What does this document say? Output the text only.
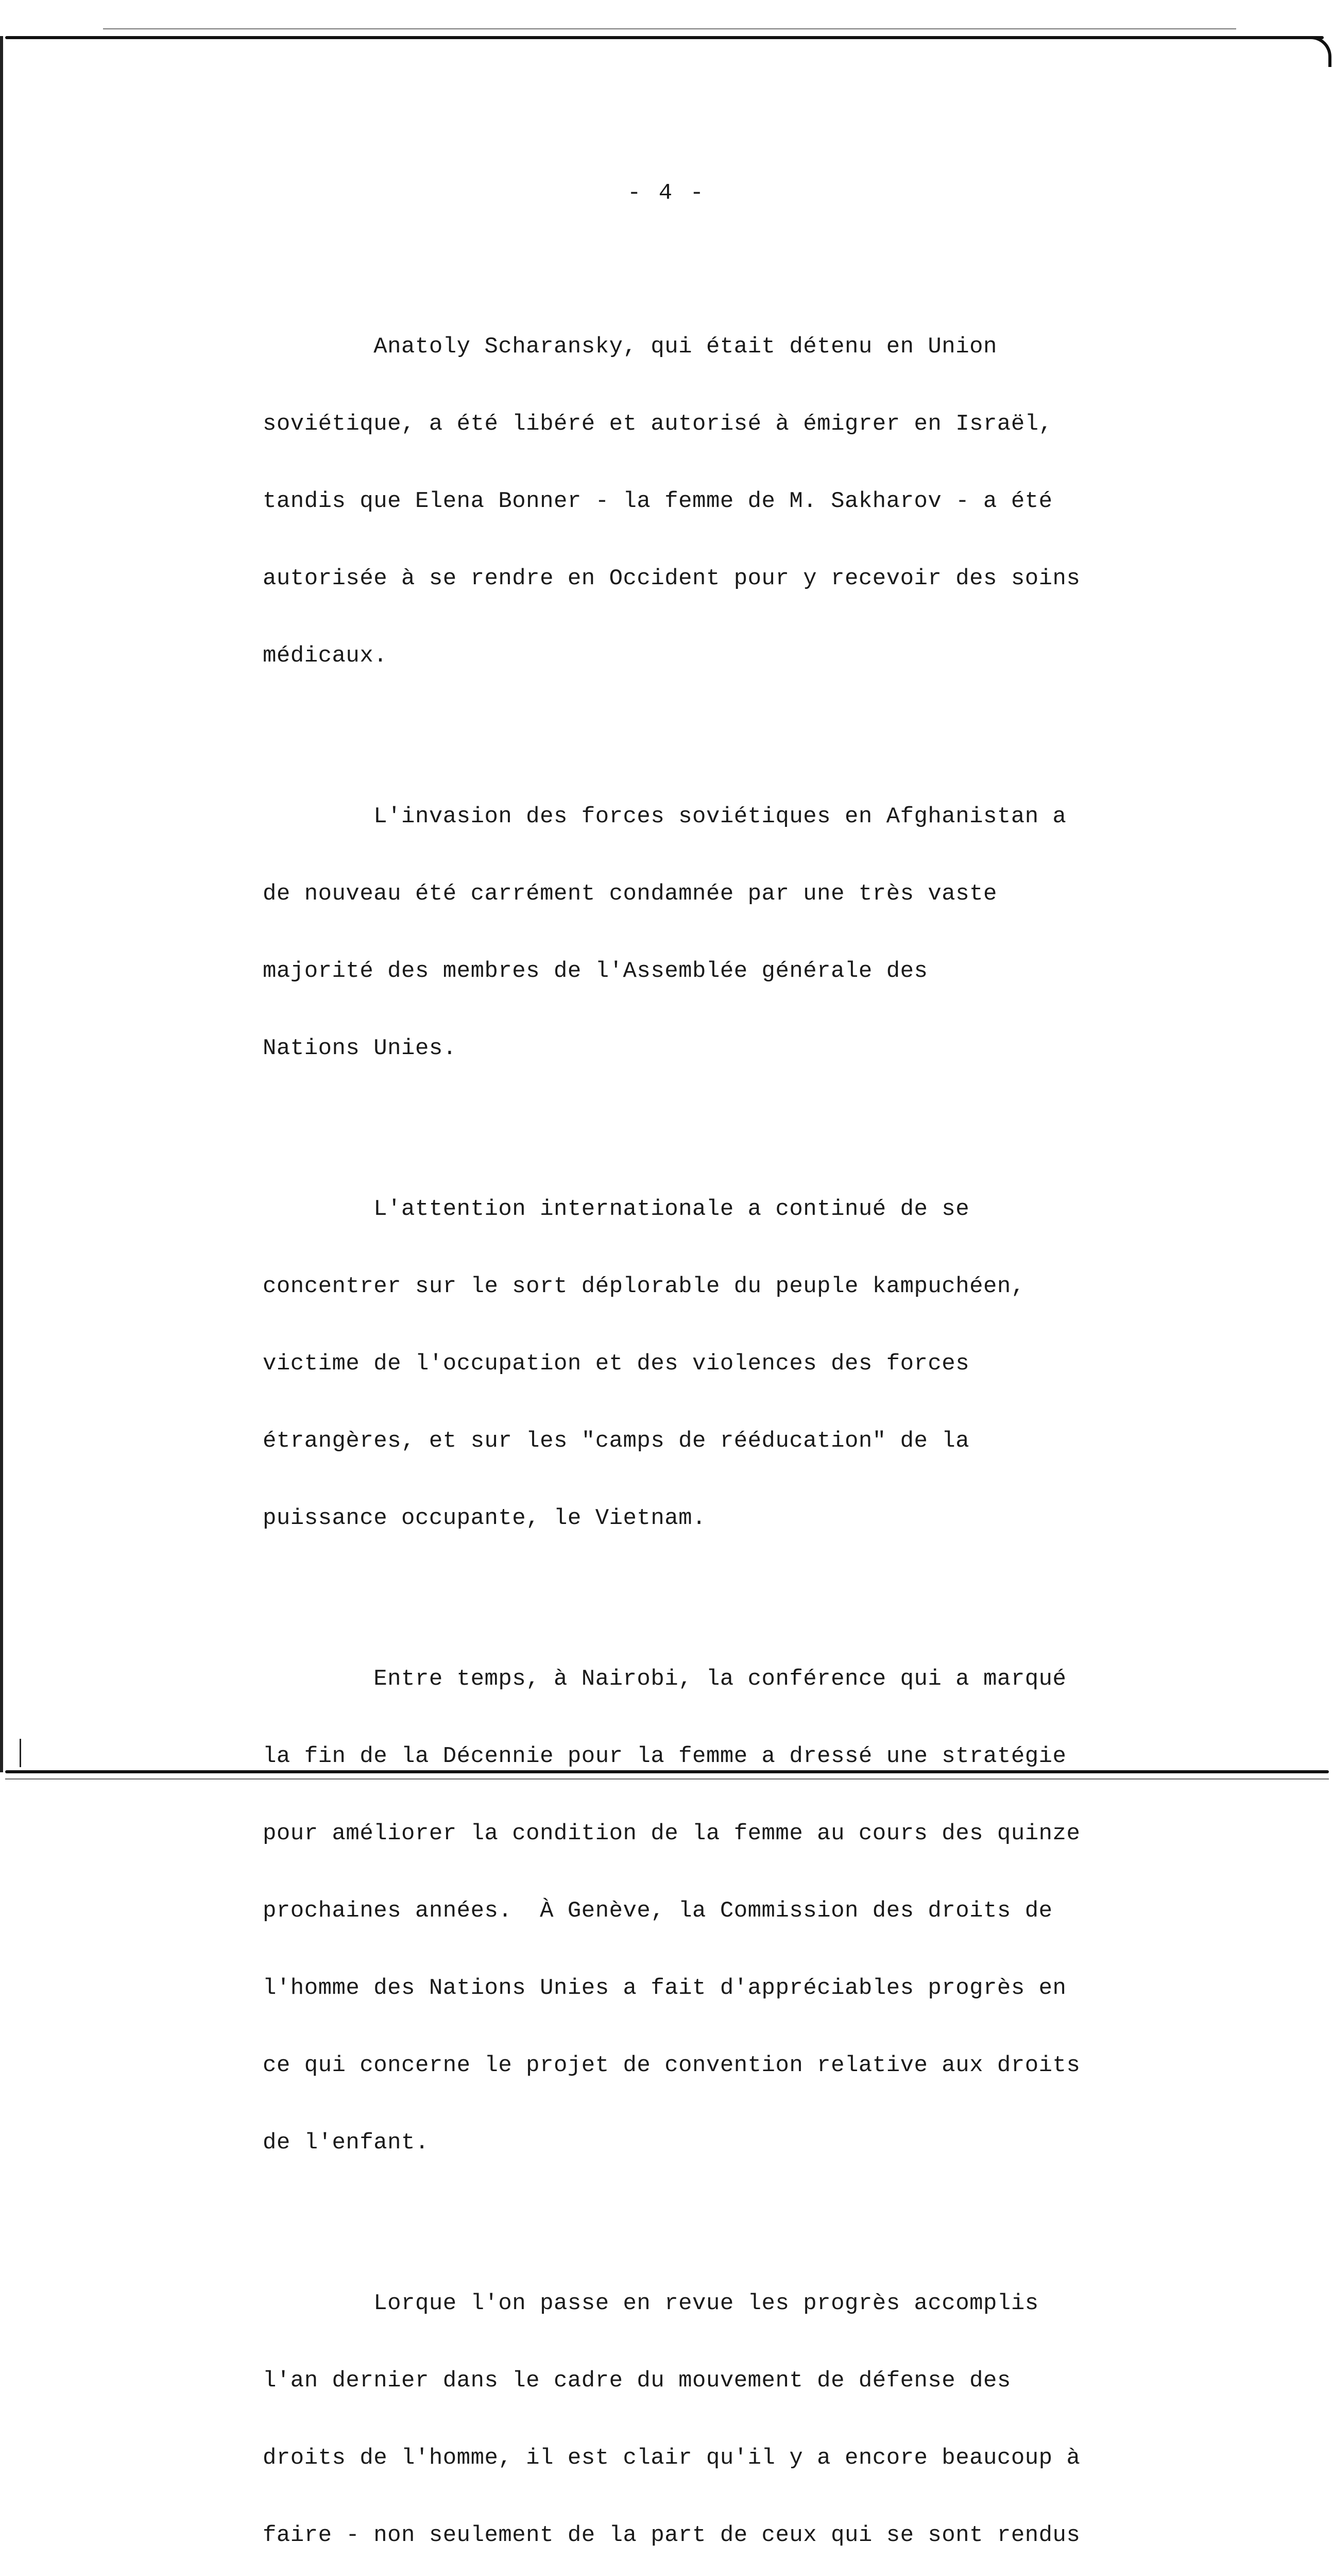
- 4 -

Anatoly Scharansky, qui était détenu en Union

soviétique, a été libéré et autorisé à émigrer en Israël,

tandis que Elena Bonner - la femme de M. Sakharov - a été

autorisée à se rendre en Occident pour y recevoir des soins

médicaux.

L'invasion des forces soviétiques en Afghanistan a

de nouveau été carrément condamnée par une très vaste

majorité des membres de l'Assemblée générale des

Nations Unies.

L'attention internationale a continué de se

concentrer sur le sort déplorable du peuple kampuchéen,

victime de l'occupation et des violences des forces

étrangères, et sur les "camps de rééducation" de la

puissance occupante, le Vietnam.

Entre temps, à Nairobi, la conférence qui a marqué

la fin de la Décennie pour la femme a dressé une stratégie

pour améliorer la condition de la femme au cours des quinze

prochaines années.  À Genève, la Commission des droits de

l'homme des Nations Unies a fait d'appréciables progrès en

ce qui concerne le projet de convention relative aux droits

de l'enfant.

Lorque l'on passe en revue les progrès accomplis

l'an dernier dans le cadre du mouvement de défense des

droits de l'homme, il est clair qu'il y a encore beaucoup à

faire - non seulement de la part de ceux qui se sont rendus
